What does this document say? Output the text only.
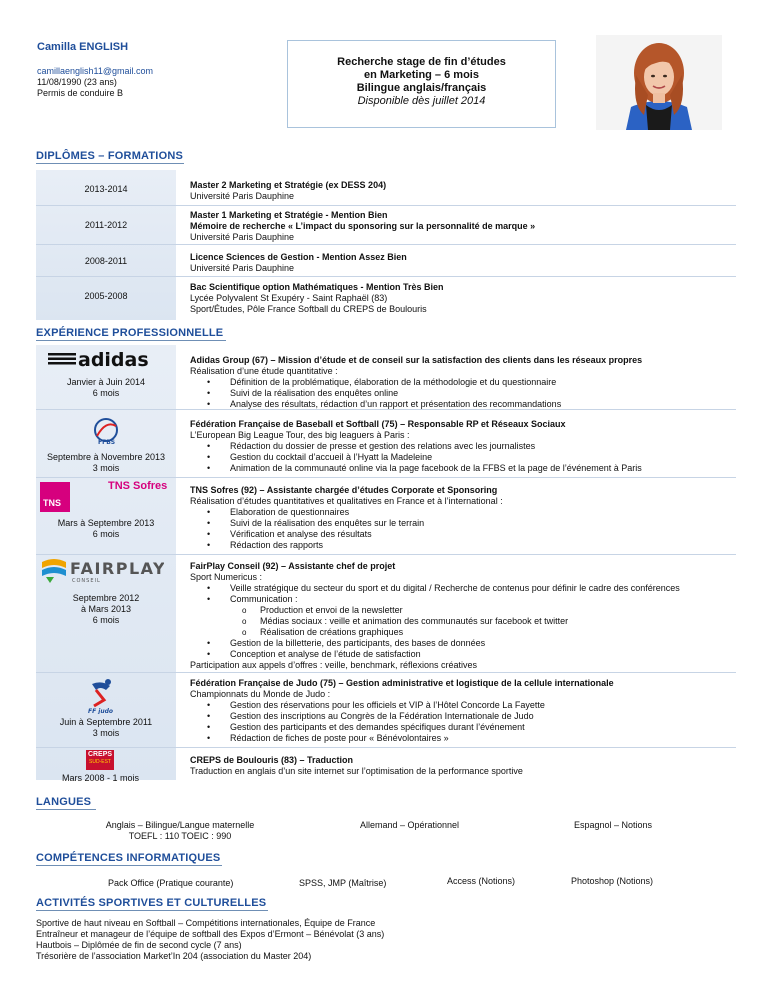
Camilla ENGLISH
camillaenglish11@gmail.com
11/08/1990 (23 ans)
Permis de conduire B
Recherche stage de fin d’études
en Marketing – 6 mois
Bilingue anglais/français
Disponible dès juillet 2014
DIPLÔMES – FORMATIONS
2013-2014	Master 2 Marketing et Stratégie (ex DESS 204)
Université Paris Dauphine
2011-2012
Master 1 Marketing et Stratégie - Mention Bien
Mémoire de recherche « L’impact du sponsoring sur la personnalité de marque »
Université Paris Dauphine
2008-2011	Licence Sciences de Gestion - Mention Assez Bien
Université Paris Dauphine
2005-2008
Bac Scientifique option Mathématiques - Mention Très Bien
Lycée Polyvalent St Exupéry - Saint Raphaël (83)
Sport/Études, Pôle France Softball du CREPS de Boulouris
EXPÉRIENCE PROFESSIONNELLE
adidas
Janvier à Juin 2014
6 mois
Adidas Group (67) – Mission d’étude et de conseil sur la satisfaction des clients dans les réseaux propres
Réalisation d’une étude quantitative :
• Définition de la problématique, élaboration de la méthodologie et du questionnaire
• Suivi de la réalisation des enquêtes online
• Analyse des résultats, rédaction d’un rapport et présentation des recommandations
FFBS
Septembre à Novembre 2013
3 mois
Fédération Française de Baseball et Softball (75) – Responsable RP et Réseaux Sociaux
L’European Big League Tour, des big leaguers à Paris :
• Rédaction du dossier de presse et gestion des relations avec les journalistes
• Gestion du cocktail d’accueil à l’Hyatt la Madeleine
• Animation de la communauté online via la page facebook de la FFBS et la page de l’événement à Paris
TNS
TNS Sofres
Mars à Septembre 2013
6 mois
TNS Sofres (92) – Assistante chargée d’études Corporate et Sponsoring
Réalisation d’études quantitatives et qualitatives en France et à l’international :
• Elaboration de questionnaires
• Suivi de la réalisation des enquêtes sur le terrain
• Vérification et analyse des résultats
• Rédaction des rapports
FAIRPLAY
CONSEIL
Septembre 2012
à Mars 2013
6 mois
FairPlay Conseil (92) – Assistante chef de projet
Sport Numericus :
• Veille stratégique du secteur du sport et du digital / Recherche de contenus pour définir le cadre des conférences
• Communication :
o Production et envoi de la newsletter
o Médias sociaux : veille et animation des communautés sur facebook et twitter
o Réalisation de créations graphiques
• Gestion de la billetterie, des participants, des bases de données
• Conception et analyse de l’étude de satisfaction
Participation aux appels d’offres : veille, benchmark, réflexions créatives
FF judo
Juin à Septembre 2011
3 mois
Fédération Française de Judo (75) – Gestion administrative et logistique de la cellule internationale
Championnats du Monde de Judo :
• Gestion des réservations pour les officiels et VIP à l’Hôtel Concorde La Fayette
• Gestion des inscriptions au Congrès de la Fédération Internationale de Judo
• Gestion des participants et des demandes spécifiques durant l’événement
• Rédaction de fiches de poste pour « Bénévolontaires »
CREPS
SUD-EST
Mars 2008 - 1 mois
CREPS de Boulouris (83) – Traduction
Traduction en anglais d’un site internet sur l’optimisation de la performance sportive
LANGUES
Anglais – Bilingue/Langue maternelle
TOEFL : 110 TOEIC : 990
Allemand – Opérationnel	Espagnol – Notions
COMPÉTENCES INFORMATIQUES
Pack Office (Pratique courante)	SPSS, JMP (Maîtrise)	Access (Notions)	Photoshop (Notions)
ACTIVITÉS SPORTIVES ET CULTURELLES
Sportive de haut niveau en Softball – Compétitions internationales, Équipe de France
Entraîneur et manageur de l’équipe de softball des Expos d’Ermont – Bénévolat (3 ans)
Hautbois – Diplômée de fin de second cycle (7 ans)
Trésorière de l’association Market’In 204 (association du Master 204)
